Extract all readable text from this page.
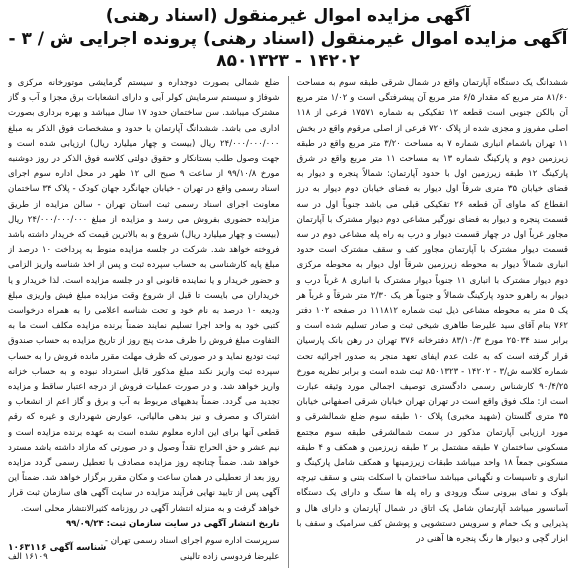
آگهی مزایده اموال غیرمنقول (اسناد رهنی)
آگهی مزایده اموال غیرمنقول (اسناد رهنی) پرونده اجرایی ش / ۳ - ۱۴۲۰۲ - ۸۵۰۱۳۲۳

ششدانگ یک دستگاه آپارتمان واقع در شمال شرقی طبقه سوم به مساحت ۸۱/۶۰ متر مربع که مقدار ۶/۵ متر مربع آن پیشرفتگی است و ۱/۰۲ متر مربع آن بالکن جنوبی است قطعه ۱۲ تفکیکی به شماره ۱۷۵۷۱ فرعی از ۱۱۸ اصلی مفروز و مجزی شده از پلاک ۷۲۰ فرعی از اصلی مرقوم واقع در بخش ۱۱ تهران باشمام انباری شماره ۷ به مساحت ۳/۲۰ متر مربع واقع در طبقه زیرزمین دوم و پارکینگ شماره ۱۳ به مساحت ۱۱ متر مربع واقع در شرق پارکینگ ۱۲ طبقه زیرزمین اول با حدود آپارتمان: شمالاً پنجره و دیوار به فضای خیابان ۳۵ متری شرقاً اول دیوار به فضای خیابان دوم دیوار به درز انقطاع که ماوای آن قطعه ۲۶ تفکیکی قبلی می باشد جنوباً اول در سه قسمت پنجره و دیوار به فضای نورگیر مشاعی دوم دیوار مشترک با آپارتمان مجاور غرباً اول در چهار قسمت دیوار و درب به راه پله مشاعی دوم در سه قسمت دیوار مشترک با آپارتمان مجاور کف و سقف مشترک است حدود انباری شمالاً دیوار به محوطه زیرزمین شرقاً اول دیوار به محوطه مرکزی دوم دیوار مشترک با انباری ۱۱ جنوباً دیوار مشترک با انباری ۸ غرباً درب و دیوار به راهرو حدود پارکینگ شمالاً و جنوباً هر یک ۲/۳۰ متر شرقاً و غرباً هر یک ۵ متر به محوطه مشاعی ذیل ثبت شماره ۱۱۱۸۱۲ در صفحه ۱۰۲ دفتر ۷۶۲ بنام آقای سید علیرضا طاهری شیخی ثبت و صادر تسلیم شده است و برابر سند ۲۵۰۳۴ مورخ ۸۳/۱۰/۳ دفترخانه ۳۷۶ تهران در رهن بانک پارسیان قرار گرفته است که به علت عدم ایفای تعهد منجر به صدور اجرائیه تحت شماره کلاسه ش/۳ - ۱۴۲۰۲ - ۸۵۰۱۳۲۳ ثبت شده است و برابر نظریه مورخ ۹۰/۴/۲۵ کارشناس رسمی دادگستری توصیف اجمالی مورد وثیقه عبارت است از: ملک فوق واقع است در تهران تهران خیابان شرقی اصفهانی خیابان ۳۵ متری گلستان (شهید مخبری) پلاک ۱۰ طبقه سوم ضلع شمالشرقی و مورد ارزیابی آپارتمان مذکور در سمت شمالشرقی طبقه سوم مجتمع مسکونی ساختمان ۷ طبقه مشتمل بر ۲ طبقه زیرزمین و همکف و ۴ طبقه مسکونی جمعاً ۱۸ واحد میباشد طبقات زیرزمینها و همکف شامل پارکینگ و انباری و تاسیسات و نگهبانی میباشد ساختمان با اسکلت بتنی و سقف تیرچه بلوک و نمای بیرونی سنگ ورودی و راه پله ها سنگ و دارای یک دستگاه آسانسور میباشد آپارتمان شامل یک اتاق در شمال آپارتمان و دارای هال و پذیرایی و یک حمام و سرویس دستشویی و پوشش کف سرامیک و سقف با ابزار گچی و دیوار ها رنگ پنجره ها آهنی در

ضلع شمالی بصورت دوجداره و سیستم گرمایشی موتورخانه مرکزی و شوفاژ و سیستم سرمایش کولر آبی و دارای انشعابات برق مجزا و آب و گاز مشترک میباشد. سن ساختمان حدود ۱۷ سال میباشد و بهره برداری بصورت اداری می باشد. ششدانگ آپارتمان با حدود و مشخصات فوق الذکر به مبلغ ۲۴/۰۰۰/۰۰۰/۰۰۰ ریال (بیست و چهار میلیارد ریال) ارزیابی شده است و جهت وصول طلب بستانکار و حقوق دولتی کلاسه فوق الذکر در روز دوشنبه مورخ ۹۹/۱۰/۸ از ساعت ۹ صبح الی ۱۲ ظهر در محل اداره سوم اجرای اسناد رسمی واقع در تهران - خیابان جهانگرد جهان کودک - پلاک ۳۴ ساختمان معاونت اجرای اسناد رسمی ثبت استان تهران - سالن مزایده از طریق مزایده حضوری بفروش می رسد و مزایده از مبلغ ۲۴/۰۰۰/۰۰۰/۰۰۰ ریال (بیست و چهار میلیارد ریال) شروع و به بالاترین قیمت که خریدار داشته باشد فروخته خواهد شد. شرکت در جلسه مزایده منوط به پرداخت ۱۰ درصد از مبلغ پایه کارشناسی به حساب سپرده ثبت و پس از اخذ شناسه واریز الزامی و حضور خریدار و یا نماینده قانونی او در جلسه مزایده است. لذا خریدار و یا خریداران می بایست تا قبل از شروع وقت مزایده مبلغ فیش واریزی مبلغ ودیعه ۱۰ درصد به نام خود و تحت شناسه اعلامی را به همراه درخواست کتبی خود به واحد اجرا تسلیم نمایند ضمناً برنده مزایده مکلف است ما به التفاوت مبلغ فروش را ظرف مدت پنج روز از تاریخ مزایده به حساب صندوق ثبت تودیع نماید و در صورتی که ظرف مهلت مقرر مانده فروش را به حساب سپرده ثبت واریز نکند مبلغ مذکور قابل استرداد نبوده و به حساب خزانه واریز خواهد شد. و در صورت عملیات فروش از درجه اعتبار ساقط و مزایده تجدید می گردد. ضمناً بدهیهای مربوط به آب و برق و گاز اعم از انشعاب و اشتراک و مصرف و نیز بدهی مالیاتی، عوارض شهرداری و غیره که رقم قطعی آنها برای این اداره معلوم نشده است به عهده برنده مزایده است و نیم عشر و حق الحراج نقداً وصول و در صورتی که مازاد داشته باشد مسترد خواهد شد. ضمناً چنانچه روز مزایده مصادف با تعطیل رسمی گردد مزایده روز بعد از تعطیلی در همان ساعت و مکان مقرر برگزار خواهد شد. ضمناً این آگهی پس از تایید نهایی فرآیند مزایده در سایت آگهی های سازمان ثبت قرار خواهد گرفت و به منزله انتشار آگهی در روزنامه کثیرالانتشار محلی است.

تاریخ انتشار آگهی در سایت سازمان ثبت: ۹۹/۰۹/۲۴

سرپرست اداره سوم اجرای اسناد رسمی تهران -
علیرضا فردوسی زاده تالینی
۱۶۱۰۹ الف
شناسه آگهی ۱۰۶۳۱۱۶
